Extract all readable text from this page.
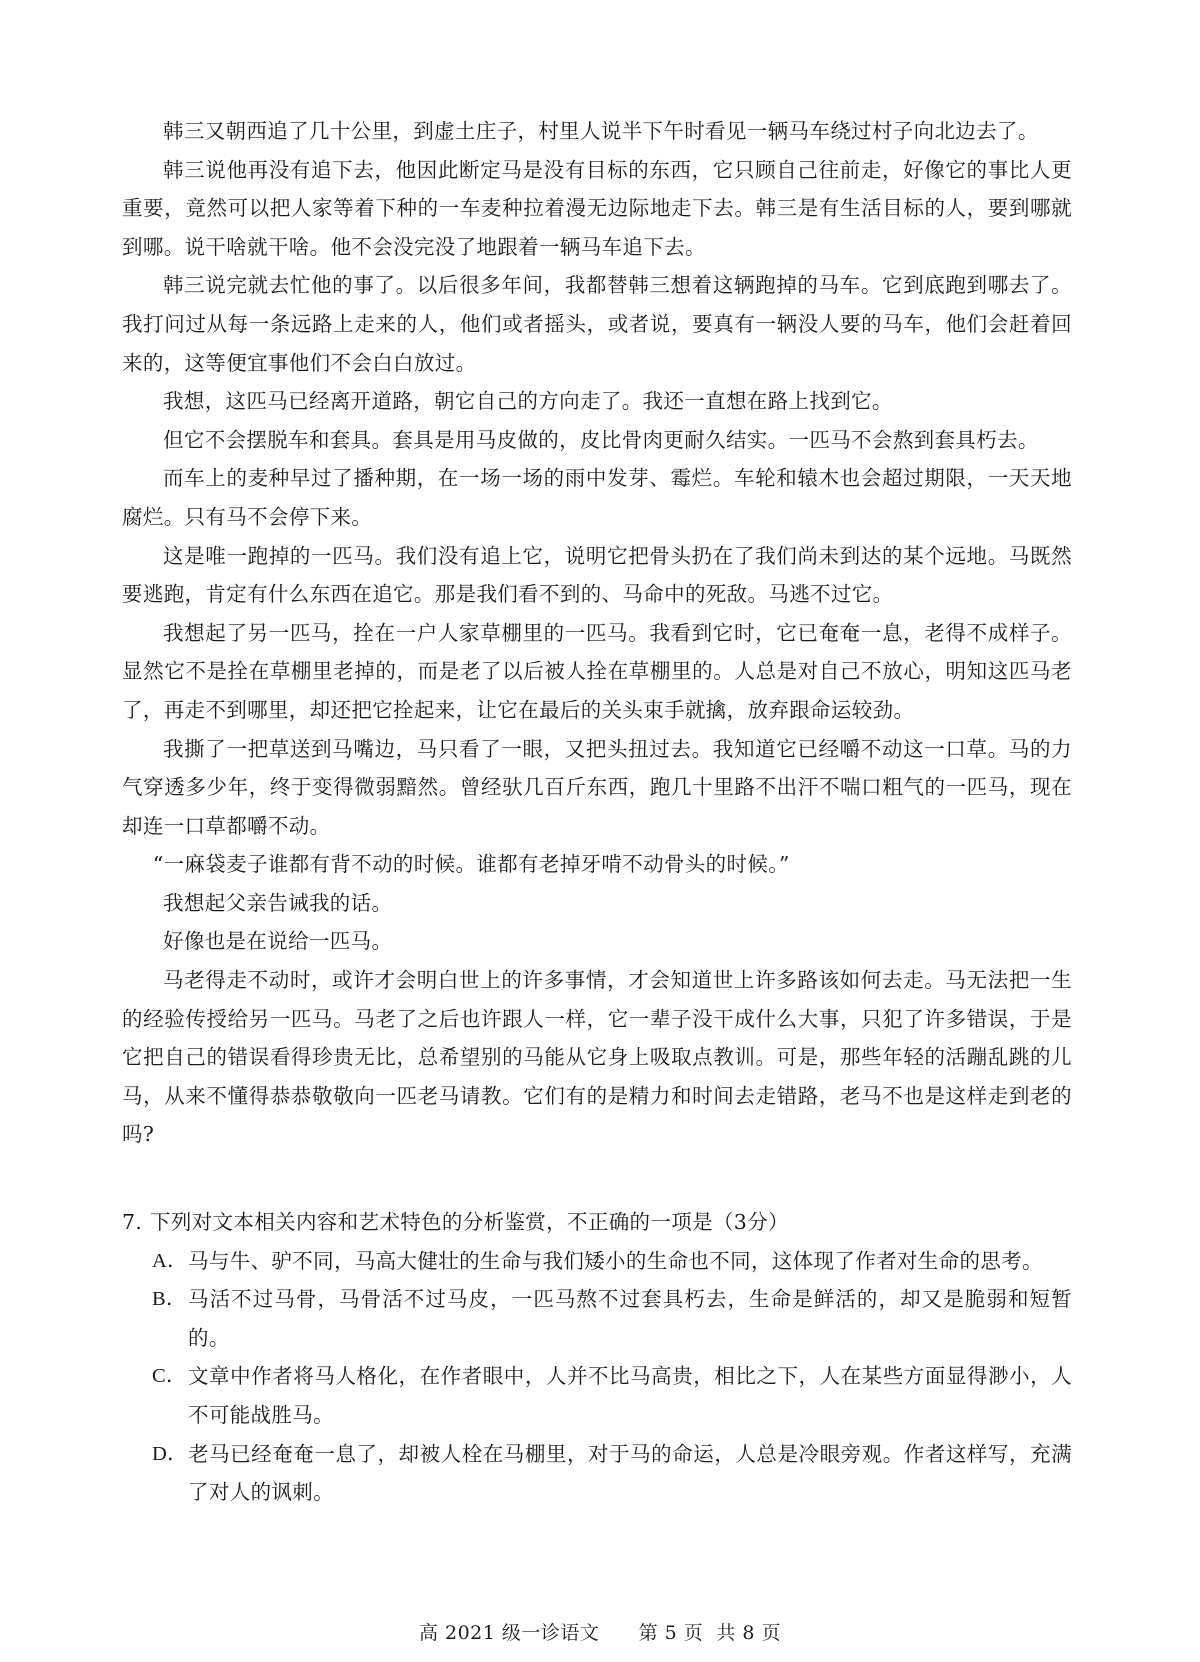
韩三又朝西追了几十公里，到虚土庄子，村里人说半下午时看见一辆马车绕过村子向北边去了。

韩三说他再没有追下去，他因此断定马是没有目标的东西，它只顾自己往前走，好像它的事比人更重要，竟然可以把人家等着下种的一车麦种拉着漫无边际地走下去。韩三是有生活目标的人，要到哪就到哪。说干啥就干啥。他不会没完没了地跟着一辆马车追下去。

韩三说完就去忙他的事了。以后很多年间，我都替韩三想着这辆跑掉的马车。它到底跑到哪去了。我打问过从每一条远路上走来的人，他们或者摇头，或者说，要真有一辆没人要的马车，他们会赶着回来的，这等便宜事他们不会白白放过。

我想，这匹马已经离开道路，朝它自己的方向走了。我还一直想在路上找到它。

但它不会摆脱车和套具。套具是用马皮做的，皮比骨肉更耐久结实。一匹马不会熬到套具朽去。

而车上的麦种早过了播种期，在一场一场的雨中发芽、霉烂。车轮和辕木也会超过期限，一天天地腐烂。只有马不会停下来。

这是唯一跑掉的一匹马。我们没有追上它，说明它把骨头扔在了我们尚未到达的某个远地。马既然要逃跑，肯定有什么东西在追它。那是我们看不到的、马命中的死敌。马逃不过它。

我想起了另一匹马，拴在一户人家草棚里的一匹马。我看到它时，它已奄奄一息，老得不成样子。显然它不是拴在草棚里老掉的，而是老了以后被人拴在草棚里的。人总是对自己不放心，明知这匹马老了，再走不到哪里，却还把它拴起来，让它在最后的关头束手就擒，放弃跟命运较劲。

我撕了一把草送到马嘴边，马只看了一眼，又把头扭过去。我知道它已经嚼不动这一口草。马的力气穿透多少年，终于变得微弱黯然。曾经驮几百斤东西，跑几十里路不出汗不喘口粗气的一匹马，现在却连一口草都嚼不动。

“一麻袋麦子谁都有背不动的时候。谁都有老掉牙啃不动骨头的时候。”

我想起父亲告诫我的话。

好像也是在说给一匹马。

马老得走不动时，或许才会明白世上的许多事情，才会知道世上许多路该如何去走。马无法把一生的经验传授给另一匹马。马老了之后也许跟人一样，它一辈子没干成什么大事，只犯了许多错误，于是它把自己的错误看得珍贵无比，总希望别的马能从它身上吸取点教训。可是，那些年轻的活蹦乱跳的儿马，从来不懂得恭恭敬敬向一匹老马请教。它们有的是精力和时间去走错路，老马不也是这样走到老的吗?

7. 下列对文本相关内容和艺术特色的分析鉴赏，不正确的一项是（3分）

A． 马与牛、驴不同，马高大健壮的生命与我们矮小的生命也不同，这体现了作者对生命的思考。
B． 马活不过马骨，马骨活不过马皮，一匹马熬不过套具朽去，生命是鲜活的，却又是脆弱和短暂的。
C． 文章中作者将马人格化，在作者眼中，人并不比马高贵，相比之下，人在某些方面显得渺小，人不可能战胜马。
D． 老马已经奄奄一息了，却被人栓在马棚里，对于马的命运，人总是冷眼旁观。作者这样写，充满了对人的讽刺。
高 2021 级一诊语文 第 5 页  共 8 页
